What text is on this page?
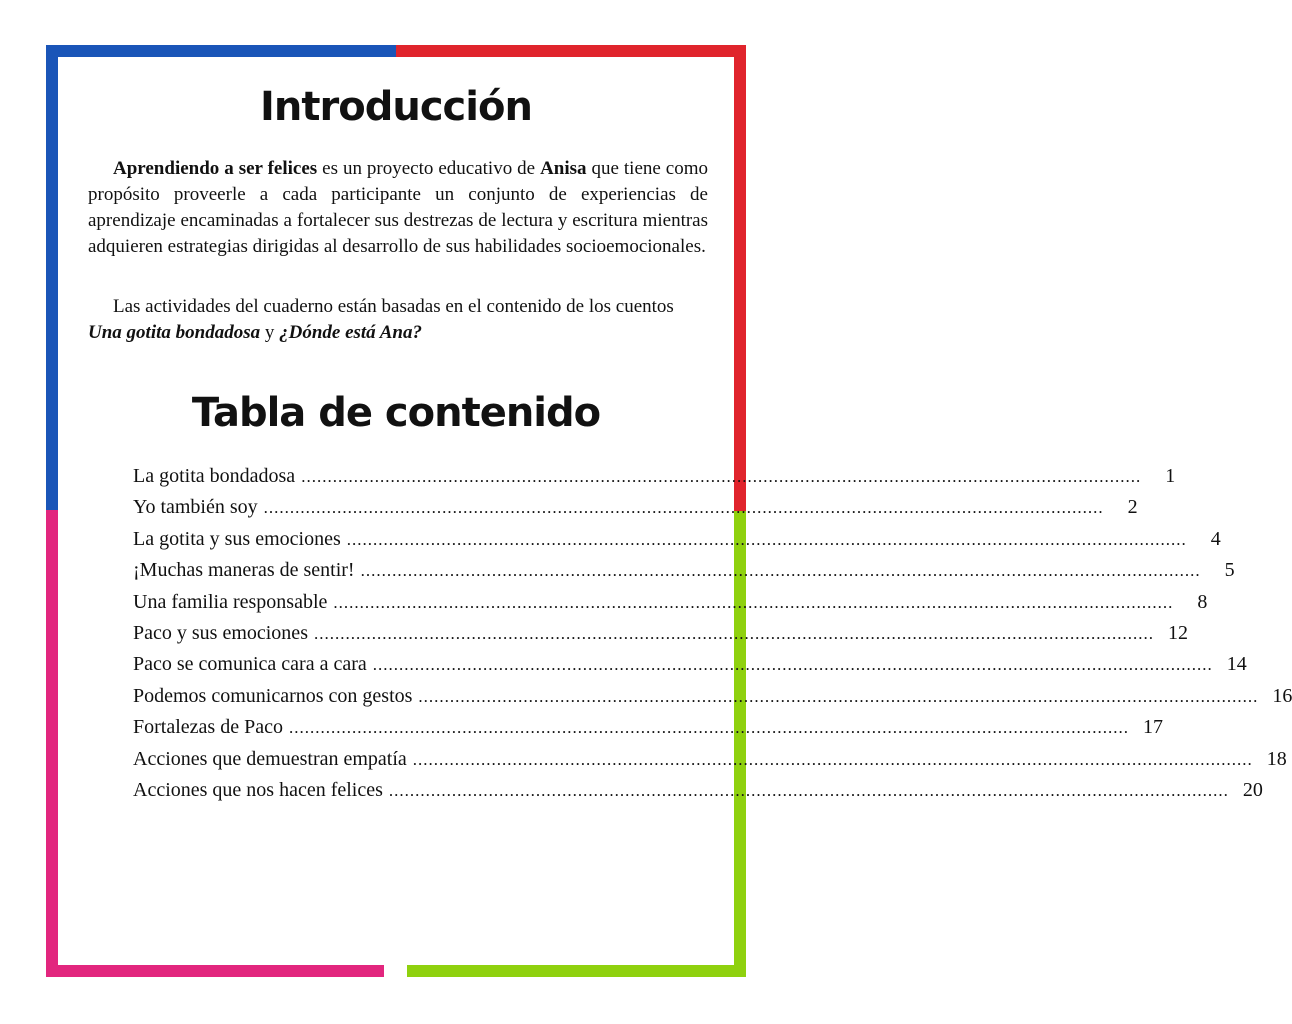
Introducción

Aprendiendo a ser felices es un proyecto educativo de Anisa que tiene como propósito proveerle a cada participante un conjunto de experiencias de aprendizaje encaminadas a fortalecer sus destrezas de lectura y escritura mientras adquieren estrategias dirigidas al desarrollo de sus habilidades socioemocionales.

Las actividades del cuaderno están basadas en el contenido de los cuentos Una gotita bondadosa y ¿Dónde está Ana?

Tabla de contenido
La gotita bondadosa ................................................................................................................................................................	1
Yo también soy ................................................................................................................................................................	2
La gotita y sus emociones ................................................................................................................................................................	4
¡Muchas maneras de sentir! ................................................................................................................................................................	5
Una familia responsable ................................................................................................................................................................	8
Paco y sus emociones ................................................................................................................................................................ 12
Paco se comunica cara a cara ................................................................................................................................................................ 14
Podemos comunicarnos con gestos ................................................................................................................................................................ 16
Fortalezas de Paco ................................................................................................................................................................ 17
Acciones que demuestran empatía ................................................................................................................................................................ 18
Acciones que nos hacen felices ................................................................................................................................................................ 20
